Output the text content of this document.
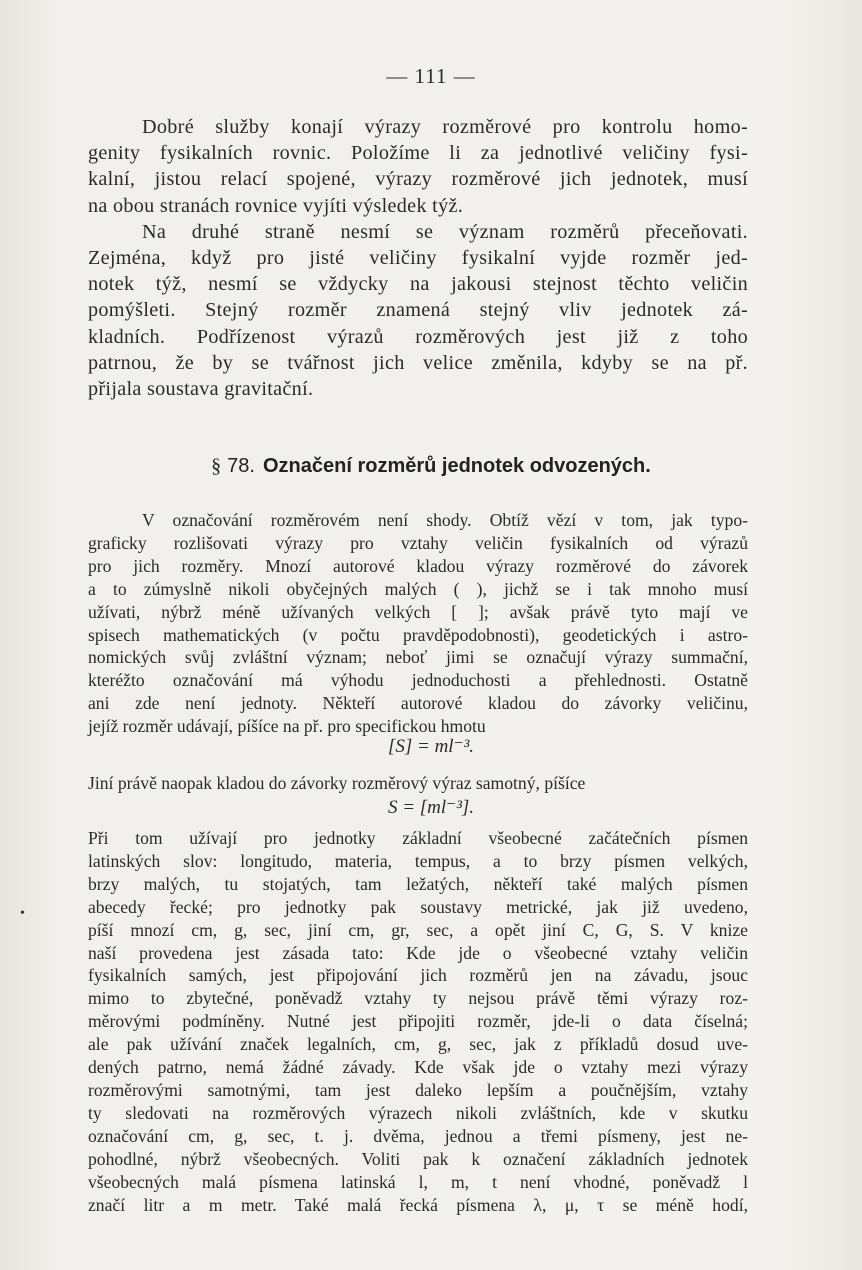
— 111 —
Dobré služby konají výrazy rozměrové pro kontrolu homo-
genity fysikalních rovnic. Položíme li za jednotlivé veličiny fysi-
kalní, jistou relací spojené, výrazy rozměrové jich jednotek, musí
na obou stranách rovnice vyjíti výsledek týž.
Na druhé straně nesmí se význam rozměrů přeceňovati.
Zejména, když pro jisté veličiny fysikalní vyjde rozměr jed-
notek týž, nesmí se vždycky na jakousi stejnost těchto veličin
pomýšleti. Stejný rozměr znamená stejný vliv jednotek zá-
kladních. Podřízenost výrazů rozměrových jest již z toho
patrnou, že by se tvářnost jich velice změnila, kdyby se na př.
přijala soustava gravitační.
§ 78. Označení rozměrů jednotek odvozených.
V označování rozměrovém není shody. Obtíž vězí v tom, jak typo-
graficky rozlišovati výrazy pro vztahy veličin fysikalních od výrazů
pro jich rozměry. Mnozí autorové kladou výrazy rozměrové do závorek
a to zúmyslně nikoli obyčejných malých ( ), jichž se i tak mnoho musí
užívati, nýbrž méně užívaných velkých [ ]; avšak právě tyto mají ve
spisech mathematických (v počtu pravděpodobnosti), geodetických i astro-
nomických svůj zvláštní význam; neboť jimi se označují výrazy summační,
kteréžto označování má výhodu jednoduchosti a přehlednosti. Ostatně
ani zde není jednoty. Někteří autorové kladou do závorky veličinu,
jejíž rozměr udávají, píšíce na př. pro specifickou hmotu
[S] = ml⁻³.
Jiní právě naopak kladou do závorky rozměrový výraz samotný, píšíce
S = [ml⁻³].
Při tom užívají pro jednotky základní všeobecné začátečních písmen
latinských slov: longitudo, materia, tempus, a to brzy písmen velkých,
brzy malých, tu stojatých, tam ležatých, někteří také malých písmen
abecedy řecké; pro jednotky pak soustavy metrické, jak již uvedeno,
píší mnozí cm, g, sec, jiní cm, gr, sec, a opět jiní C, G, S. V knize
naší provedena jest zásada tato: Kde jde o všeobecné vztahy veličin
fysikalních samých, jest připojování jich rozměrů jen na závadu, jsouc
mimo to zbytečné, poněvadž vztahy ty nejsou právě těmi výrazy roz-
měrovými podmíněny. Nutné jest připojiti rozměr, jde-li o data číselná;
ale pak užívání značek legalních, cm, g, sec, jak z příkladů dosud uve-
dených patrno, nemá žádné závady. Kde však jde o vztahy mezi výrazy
rozměrovými samotnými, tam jest daleko lepším a poučnějším, vztahy
ty sledovati na rozměrových výrazech nikoli zvláštních, kde v skutku
označování cm, g, sec, t. j. dvěma, jednou a třemi písmeny, jest ne-
pohodlné, nýbrž všeobecných. Voliti pak k označení základních jednotek
všeobecných malá písmena latinská l, m, t není vhodné, poněvadž l
značí litr a m metr. Také malá řecká písmena λ, μ, τ se méně hodí,
•
